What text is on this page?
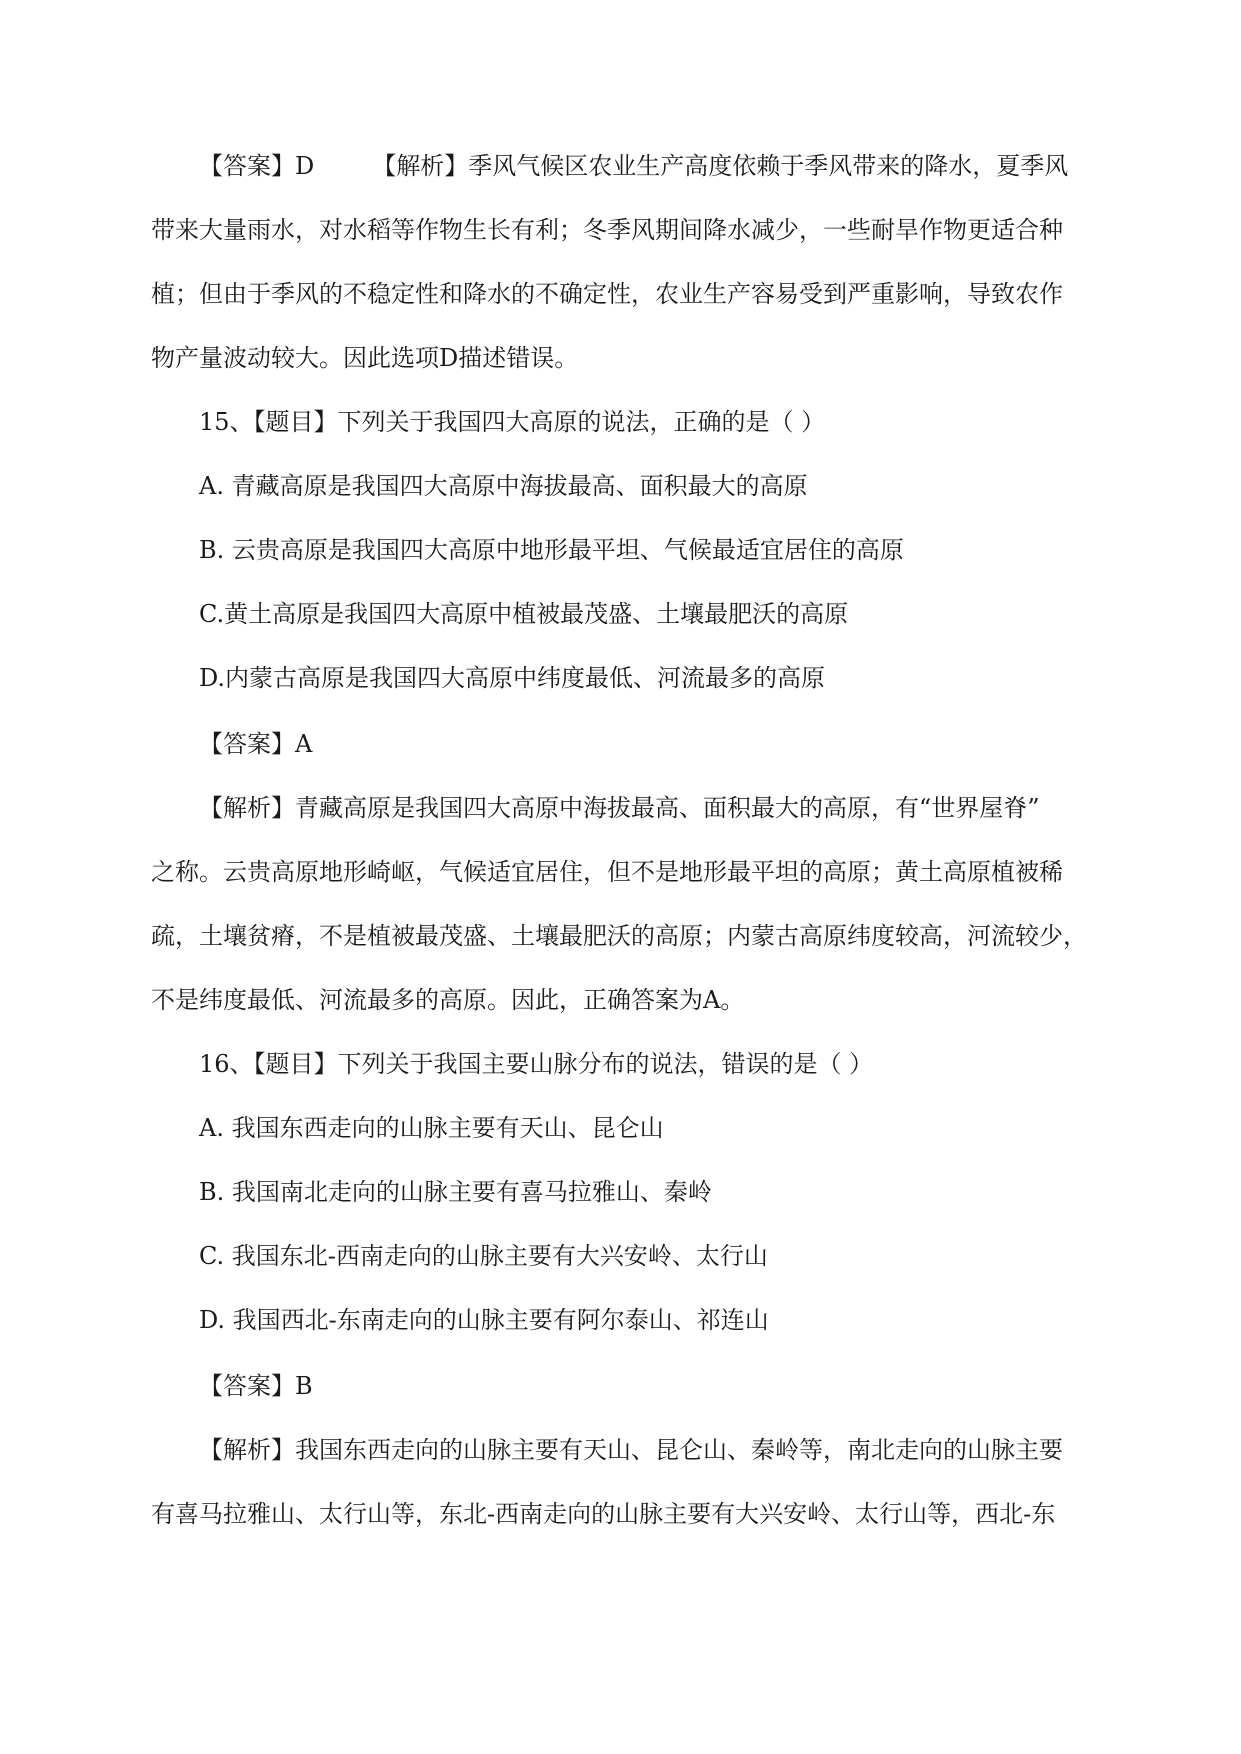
【答案】D 【解析】季风气候区农业生产高度依赖于季风带来的降水，夏季风
带来大量雨水，对水稻等作物生长有利；冬季风期间降水减少，一些耐旱作物更适合种
植；但由于季风的不稳定性和降水的不确定性，农业生产容易受到严重影响，导致农作
物产量波动较大。因此选项D描述错误。
15、【题目】下列关于我国四大高原的说法，正确的是（ ）
A. 青藏高原是我国四大高原中海拔最高、面积最大的高原
B. 云贵高原是我国四大高原中地形最平坦、气候最适宜居住的高原
C.黄土高原是我国四大高原中植被最茂盛、土壤最肥沃的高原
D.内蒙古高原是我国四大高原中纬度最低、河流最多的高原
【答案】A
【解析】青藏高原是我国四大高原中海拔最高、面积最大的高原，有“世界屋脊”
之称。云贵高原地形崎岖，气候适宜居住，但不是地形最平坦的高原；黄土高原植被稀
疏，土壤贫瘠，不是植被最茂盛、土壤最肥沃的高原；内蒙古高原纬度较高，河流较少，
不是纬度最低、河流最多的高原。因此，正确答案为A。
16、【题目】下列关于我国主要山脉分布的说法，错误的是（ ）
A. 我国东西走向的山脉主要有天山、昆仑山
B. 我国南北走向的山脉主要有喜马拉雅山、秦岭
C. 我国东北-西南走向的山脉主要有大兴安岭、太行山
D. 我国西北-东南走向的山脉主要有阿尔泰山、祁连山
【答案】B
【解析】我国东西走向的山脉主要有天山、昆仑山、秦岭等，南北走向的山脉主要
有喜马拉雅山、太行山等，东北-西南走向的山脉主要有大兴安岭、太行山等，西北-东
